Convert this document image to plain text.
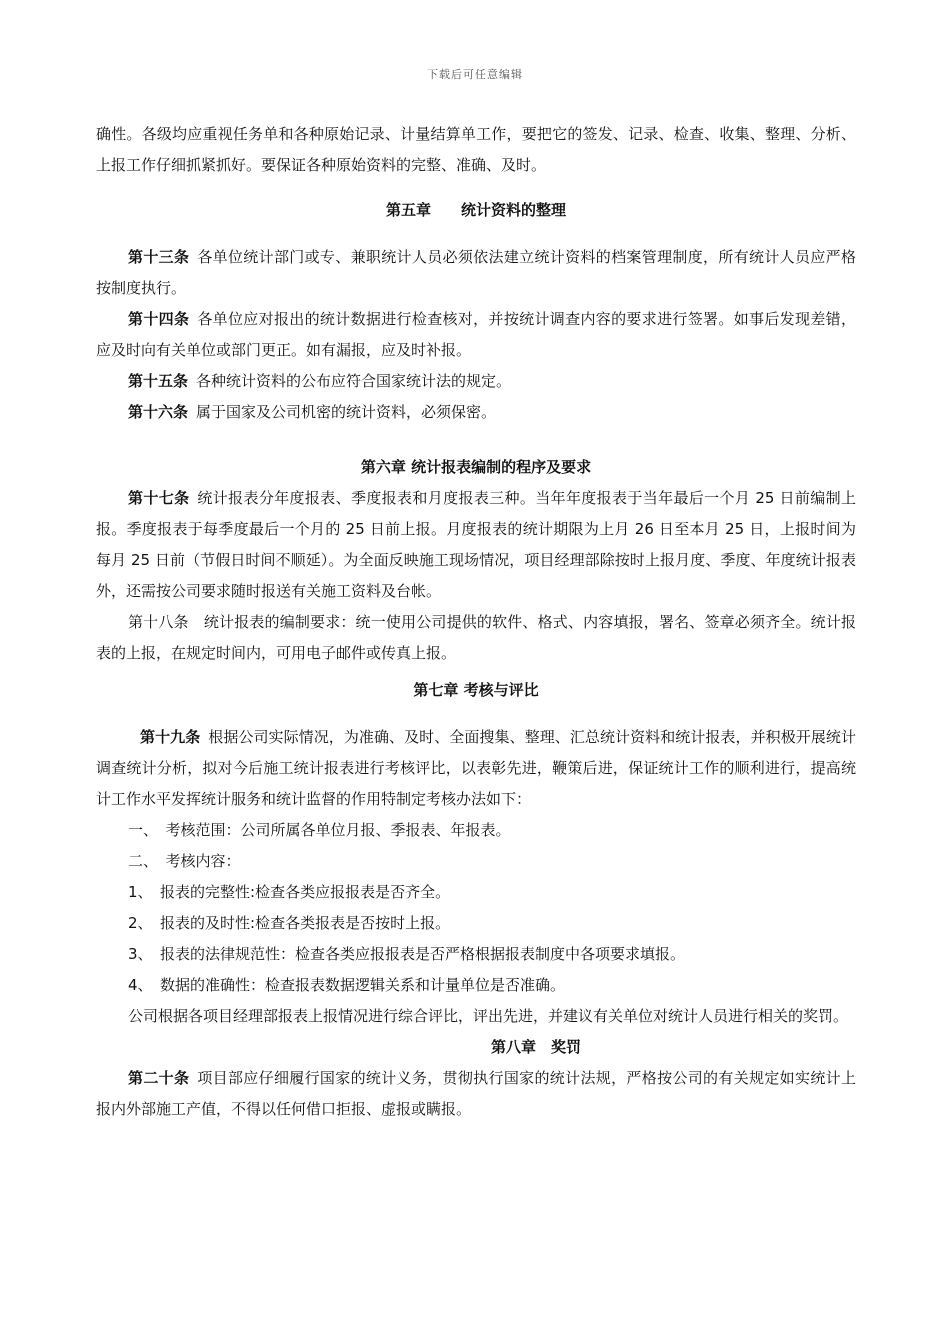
下载后可任意编辑

确性。各级均应重视任务单和各种原始记录、计量结算单工作，要把它的签发、记录、检查、收集、整理、分析、上报工作仔细抓紧抓好。要保证各种原始资料的完整、准确、及时。

第五章　　统计资料的整理

第十三条 各单位统计部门或专、兼职统计人员必须依法建立统计资料的档案管理制度，所有统计人员应严格按制度执行。

第十四条 各单位应对报出的统计数据进行检查核对，并按统计调查内容的要求进行签署。如事后发现差错，应及时向有关单位或部门更正。如有漏报，应及时补报。

第十五条 各种统计资料的公布应符合国家统计法的规定。

第十六条 属于国家及公司机密的统计资料，必须保密。

第六章 统计报表编制的程序及要求

第十七条 统计报表分年度报表、季度报表和月度报表三种。当年年度报表于当年最后一个月 25 日前编制上报。季度报表于每季度最后一个月的 25 日前上报。月度报表的统计期限为上月 26 日至本月 25 日，上报时间为每月 25 日前（节假日时间不顺延）。为全面反映施工现场情况，项目经理部除按时上报月度、季度、年度统计报表外，还需按公司要求随时报送有关施工资料及台帐。

第十八条　统计报表的编制要求：统一使用公司提供的软件、格式、内容填报，署名、签章必须齐全。统计报表的上报，在规定时间内，可用电子邮件或传真上报。

第七章 考核与评比

第十九条 根据公司实际情况，为准确、及时、全面搜集、整理、汇总统计资料和统计报表，并积极开展统计调查统计分析，拟对今后施工统计报表进行考核评比，以表彰先进，鞭策后进，保证统计工作的顺利进行，提高统计工作水平发挥统计服务和统计监督的作用特制定考核办法如下：

一、　考核范围：公司所属各单位月报、季报表、年报表。

二、　考核内容：

1、　报表的完整性:检查各类应报报表是否齐全。

2、　报表的及时性:检查各类报表是否按时上报。

3、　报表的法律规范性：检查各类应报报表是否严格根据报表制度中各项要求填报。

4、　数据的准确性：检查报表数据逻辑关系和计量单位是否准确。

公司根据各项目经理部报表上报情况进行综合评比，评出先进，并建议有关单位对统计人员进行相关的奖罚。

第八章　奖罚

第二十条 项目部应仔细履行国家的统计义务，贯彻执行国家的统计法规，严格按公司的有关规定如实统计上报内外部施工产值，不得以任何借口拒报、虚报或瞒报。
